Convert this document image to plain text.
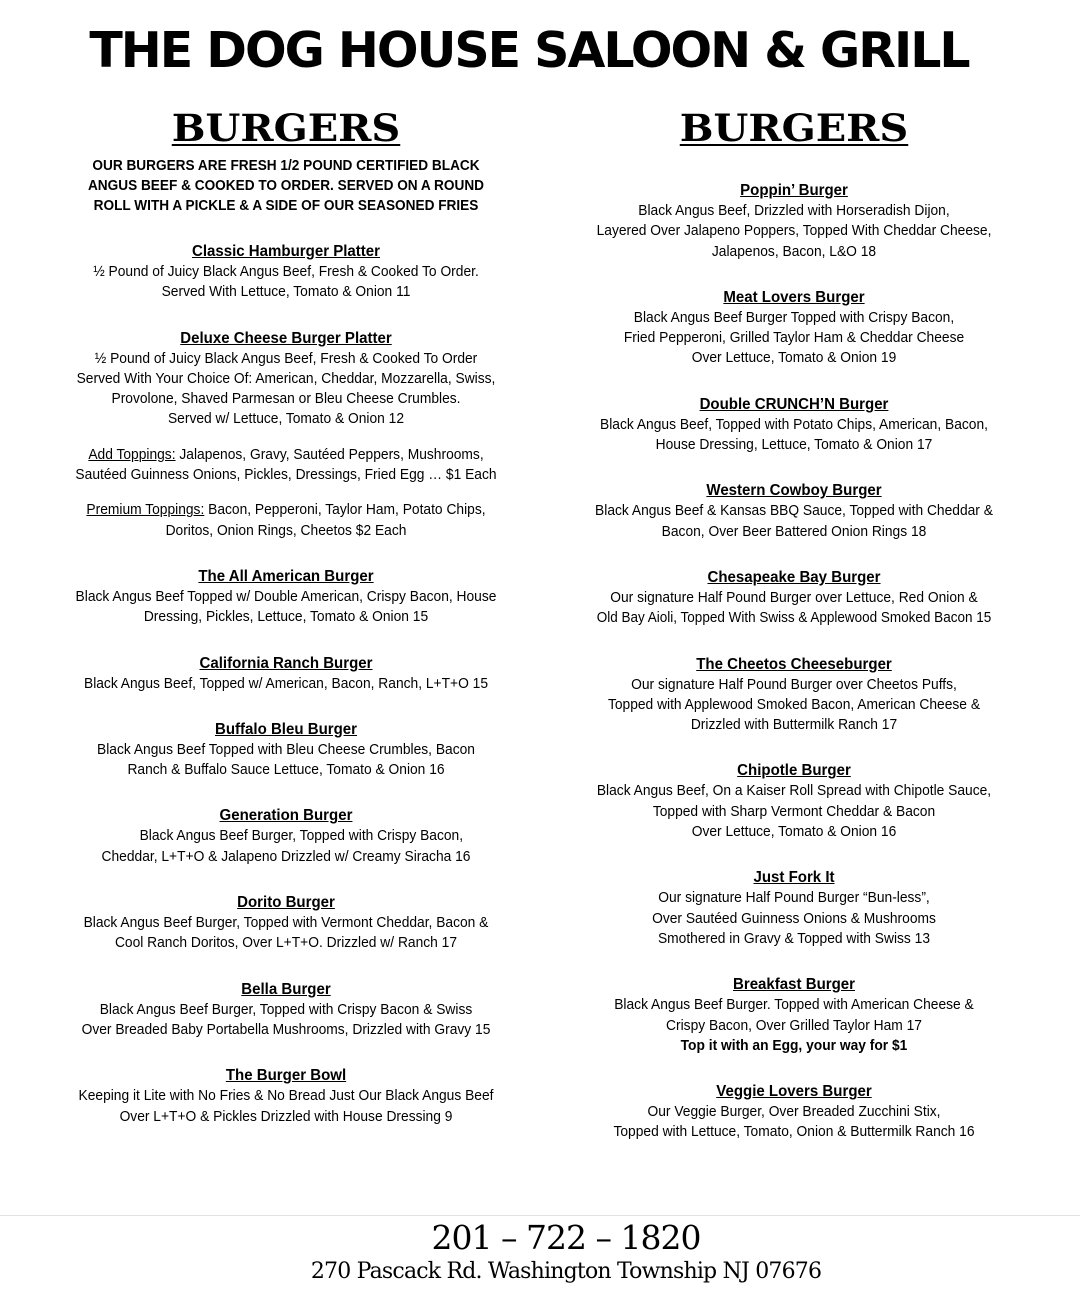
THE DOG HOUSE SALOON & GRILL
BURGERS
OUR BURGERS ARE FRESH 1/2 POUND CERTIFIED BLACK
ANGUS BEEF & COOKED TO ORDER. SERVED ON A ROUND
ROLL WITH A PICKLE & A SIDE OF OUR SEASONED FRIES
Classic Hamburger Platter
½ Pound of Juicy Black Angus Beef, Fresh & Cooked To Order.
Served With Lettuce, Tomato & Onion 11
Deluxe Cheese Burger Platter
½ Pound of Juicy Black Angus Beef, Fresh & Cooked To Order
Served With Your Choice Of: American, Cheddar, Mozzarella, Swiss,
Provolone, Shaved Parmesan or Bleu Cheese Crumbles.
Served w/ Lettuce, Tomato & Onion 12
Add Toppings: Jalapenos, Gravy, Sautéed Peppers, Mushrooms,
Sautéed Guinness Onions, Pickles, Dressings, Fried Egg … $1 Each
Premium Toppings: Bacon, Pepperoni, Taylor Ham, Potato Chips,
Doritos, Onion Rings, Cheetos $2 Each
The All American Burger
Black Angus Beef Topped w/ Double American, Crispy Bacon, House
Dressing, Pickles, Lettuce, Tomato & Onion 15
California Ranch Burger
Black Angus Beef, Topped w/ American, Bacon, Ranch, L+T+O 15
Buffalo Bleu Burger
Black Angus Beef Topped with Bleu Cheese Crumbles, Bacon
Ranch & Buffalo Sauce Lettuce, Tomato & Onion 16
Generation Burger
Black Angus Beef Burger, Topped with Crispy Bacon,
Cheddar, L+T+O & Jalapeno Drizzled w/ Creamy Siracha 16
Dorito Burger
Black Angus Beef Burger, Topped with Vermont Cheddar, Bacon &
Cool Ranch Doritos, Over L+T+O. Drizzled w/ Ranch 17
Bella Burger
Black Angus Beef Burger, Topped with Crispy Bacon & Swiss
Over Breaded Baby Portabella Mushrooms, Drizzled with Gravy 15
The Burger Bowl
Keeping it Lite with No Fries & No Bread Just Our Black Angus Beef
Over L+T+O & Pickles Drizzled with House Dressing 9
BURGERS
Poppin’ Burger
Black Angus Beef, Drizzled with Horseradish Dijon,
Layered Over Jalapeno Poppers, Topped With Cheddar Cheese,
Jalapenos, Bacon, L&O 18
Meat Lovers Burger
Black Angus Beef Burger Topped with Crispy Bacon,
Fried Pepperoni, Grilled Taylor Ham & Cheddar Cheese
Over Lettuce, Tomato & Onion 19
Double CRUNCH’N Burger
Black Angus Beef, Topped with Potato Chips, American, Bacon,
House Dressing, Lettuce, Tomato & Onion 17
Western Cowboy Burger
Black Angus Beef & Kansas BBQ Sauce, Topped with Cheddar &
Bacon, Over Beer Battered Onion Rings 18
Chesapeake Bay Burger
Our signature Half Pound Burger over Lettuce, Red Onion &
Old Bay Aioli, Topped With Swiss & Applewood Smoked Bacon 15
The Cheetos Cheeseburger
Our signature Half Pound Burger over Cheetos Puffs,
Topped with Applewood Smoked Bacon, American Cheese &
Drizzled with Buttermilk Ranch 17
Chipotle Burger
Black Angus Beef, On a Kaiser Roll Spread with Chipotle Sauce,
Topped with Sharp Vermont Cheddar & Bacon
Over Lettuce, Tomato & Onion 16
Just Fork It
Our signature Half Pound Burger “Bun-less”,
Over Sautéed Guinness Onions & Mushrooms
Smothered in Gravy & Topped with Swiss 13
Breakfast Burger
Black Angus Beef Burger. Topped with American Cheese &
Crispy Bacon, Over Grilled Taylor Ham 17
Top it with an Egg, your way for $1
Veggie Lovers Burger
Our Veggie Burger, Over Breaded Zucchini Stix,
Topped with Lettuce, Tomato, Onion & Buttermilk Ranch 16
201 – 722 – 1820
270 Pascack Rd. Washington Township NJ 07676
